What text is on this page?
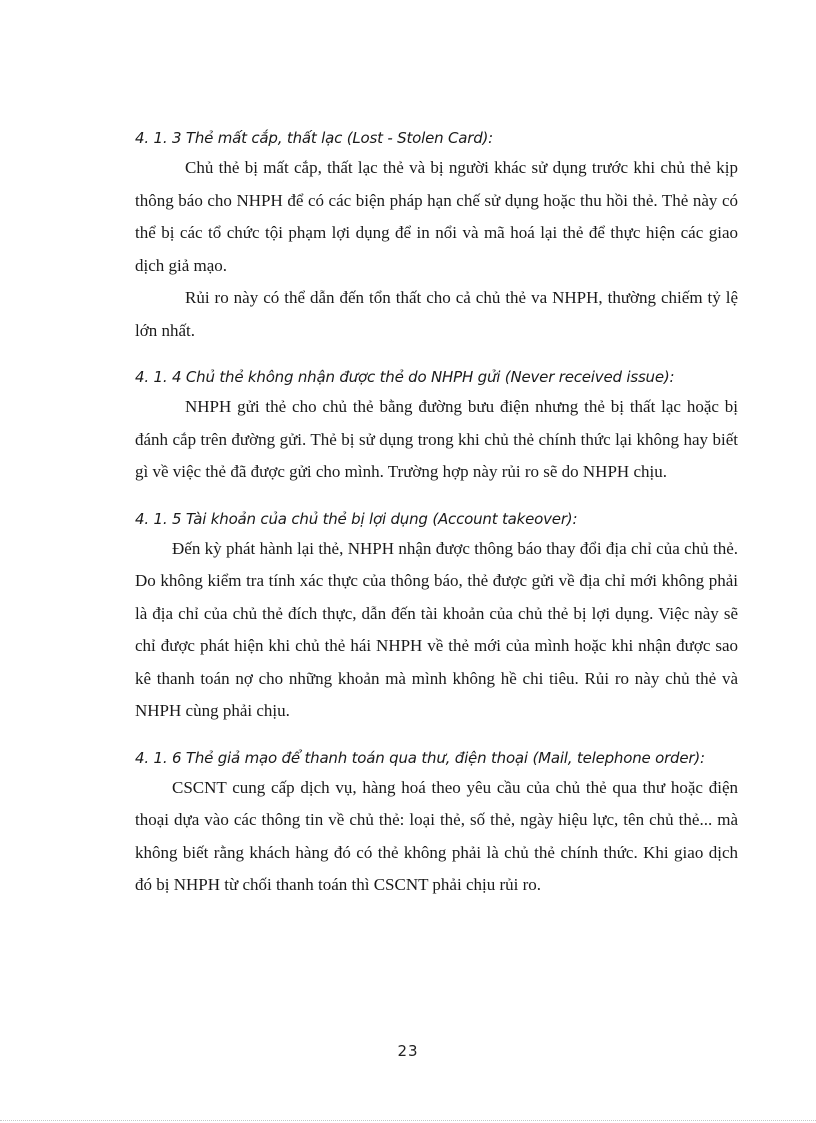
4. 1. 3 Thẻ mất cắp, thất lạc (Lost - Stolen Card):

Chủ thẻ bị mất cắp, thất lạc thẻ và bị người khác sử dụng trước khi chủ thẻ kịp thông báo cho NHPH để có các biện pháp hạn chế sử dụng hoặc thu hồi thẻ. Thẻ này có thể bị các tổ chức tội phạm lợi dụng để in nổi và mã hoá lại thẻ để thực hiện các giao dịch giả mạo.

Rủi ro này có thể dẫn đến tổn thất cho cả chủ thẻ va NHPH, thường chiếm tỷ lệ lớn nhất.

4. 1. 4 Chủ thẻ không nhận được thẻ do NHPH gửi (Never received issue):

NHPH gửi thẻ cho chủ thẻ bằng đường bưu điện nhưng thẻ bị thất lạc hoặc bị đánh cắp trên đường gửi. Thẻ bị sử dụng trong khi chủ thẻ chính thức lại không hay biết gì về việc thẻ đã được gửi cho mình. Trường hợp này rủi ro sẽ do NHPH chịu.

4. 1. 5 Tài khoản của chủ thẻ bị lợi dụng (Account takeover):

Đến kỳ phát hành lại thẻ, NHPH nhận được thông báo thay đổi địa chỉ của chủ thẻ. Do không kiểm tra tính xác thực của thông báo, thẻ được gửi về địa chỉ mới không phải là địa chỉ của chủ thẻ đích thực, dẫn đến tài khoản của chủ thẻ bị lợi dụng. Việc này sẽ chỉ được phát hiện khi chủ thẻ hái NHPH về thẻ mới của mình hoặc khi nhận được sao kê thanh toán nợ cho những khoản mà mình không hề chi tiêu. Rủi ro này chủ thẻ và NHPH cùng phải chịu.

4. 1. 6 Thẻ giả mạo để thanh toán qua thư, điện thoại (Mail, telephone order):

CSCNT cung cấp dịch vụ, hàng hoá theo yêu cầu của chủ thẻ qua thư hoặc điện thoại dựa vào các thông tin về chủ thẻ: loại thẻ, số thẻ, ngày hiệu lực, tên chủ thẻ... mà không biết rằng khách hàng đó có thẻ không phải là chủ thẻ chính thức. Khi giao dịch đó bị NHPH từ chối thanh toán thì CSCNT phải chịu rủi ro.

23
